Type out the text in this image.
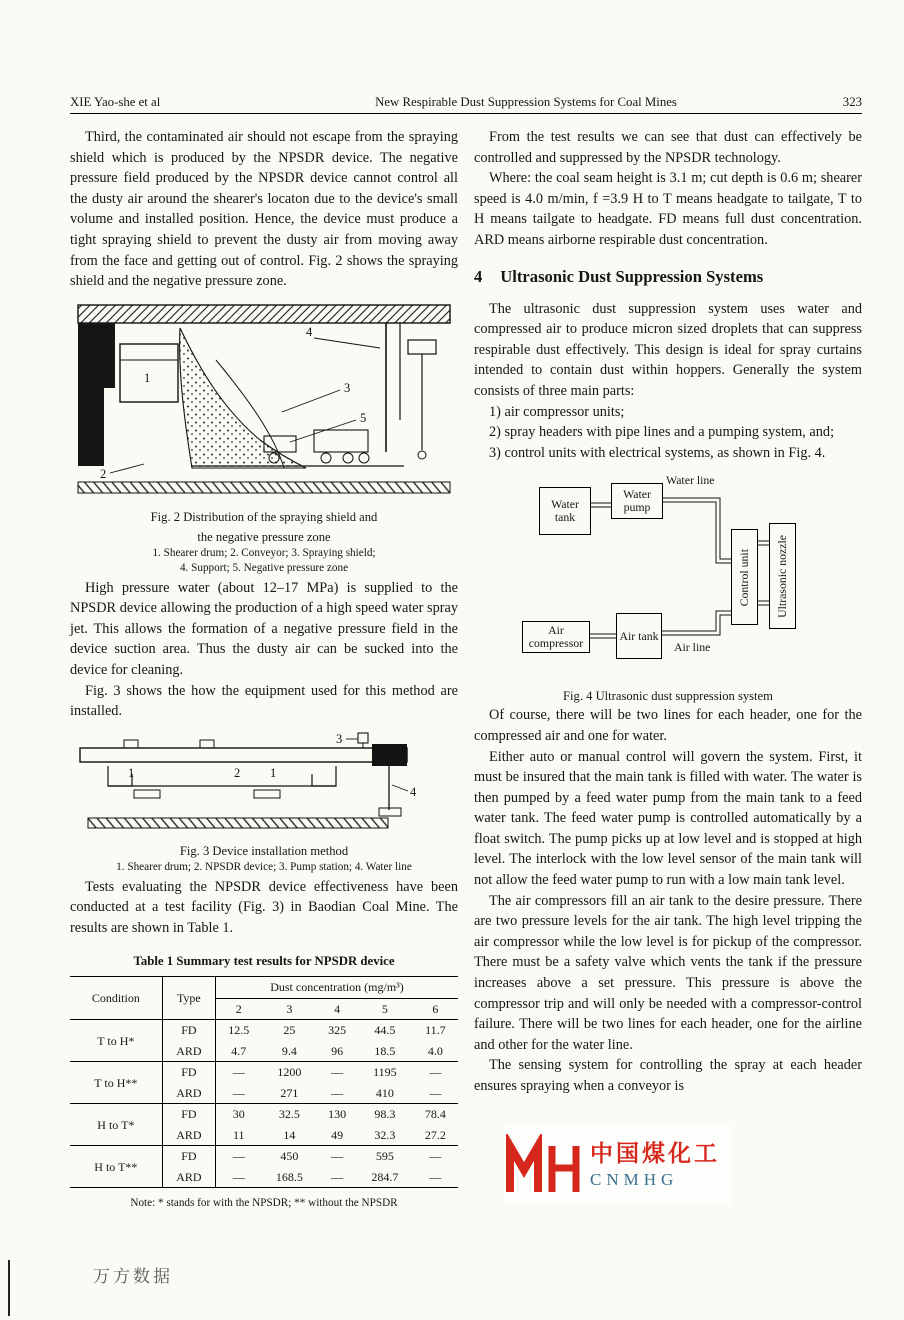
XIE Yao-she et al	New Respirable Dust Suppression Systems for Coal Mines	323

Third, the contaminated air should not escape from the spraying shield which is produced by the NPSDR device. The negative pressure field produced by the NPSDR device cannot control all the dusty air around the shearer's locaton due to the device's small volume and installed position. Hence, the device must produce a tight spraying shield to prevent the dusty air from moving away from the face and getting out of control. Fig. 2 shows the spraying shield and the negative pressure zone.

4
1
3
5
2
Fig. 2 Distribution of the spraying shield and
the negative pressure zone
1. Shearer drum; 2. Conveyor; 3. Spraying shield;
4. Support; 5. Negative pressure zone

High pressure water (about 12–17 MPa) is supplied to the NPSDR device allowing the production of a high speed water spray jet. This allows the formation of a negative pressure field in the device suction area. Thus the dusty air can be sucked into the device for cleaning.

Fig. 3 shows the how the equipment used for this method are installed.

3
1	2 1
4
Fig. 3 Device installation method
1. Shearer drum; 2. NPSDR device; 3. Pump station; 4. Water line

Tests evaluating the NPSDR device effectiveness have been conducted at a test facility (Fig. 3) in Baodian Coal Mine. The results are shown in Table 1.

Table 1 Summary test results for NPSDR device
Condition	Type	Dust concentration (mg/m³)				
		2	3	4	5	6
T to H*	FD	12.5	25	325	44.5	11.7
	ARD	4.7	9.4	96	18.5	4.0
T to H**	FD	—	1200	—	1195	—
	ARD	—	271	—	410	—
H to T*	FD	30	32.5	130	98.3	78.4
	ARD	11	14	49	32.3	27.2
H to T**	FD	—	450	—	595	—
	ARD	—	168.5	—	284.7	—
Note: * stands for with the NPSDR; ** without the NPSDR

From the test results we can see that dust can effectively be controlled and suppressed by the NPSDR technology.

Where: the coal seam height is 3.1 m; cut depth is 0.6 m; shearer speed is 4.0 m/min, f =3.9 H to T means headgate to tailgate, T to H means tailgate to headgate. FD means full dust concentration. ARD means airborne respirable dust concentration.

4 Ultrasonic Dust Suppression Systems

The ultrasonic dust suppression system uses water and compressed air to produce micron sized droplets that can suppress respirable dust effectively. This design is ideal for spray curtains intended to contain dust within hoppers. Generally the system consists of three main parts:

1) air compressor units;

2) spray headers with pipe lines and a pumping system, and;

3) control units with electrical systems, as shown in Fig. 4.

Water tank
Water pump
Water line
Control unit Ultrasonic nozzle
Air compressor
Air tank
Air line
Fig. 4 Ultrasonic dust suppression system

Of course, there will be two lines for each header, one for the compressed air and one for water.

Either auto or manual control will govern the system. First, it must be insured that the main tank is filled with water. The water is then pumped by a feed water pump from the main tank to a feed water tank. The feed water pump is controlled automatically by a float switch. The pump picks up at low level and is stopped at high level. The interlock with the low level sensor of the main tank will not allow the feed water pump to run with a low main tank level.

The air compressors fill an air tank to the desire pressure. There are two pressure levels for the air tank. The high level tripping the air compressor while the low level is for pickup of the compressor. There must be a safety valve which vents the tank if the pressure increases above a set pressure. This pressure is above the compressor trip and will only be needed with a compressor-control failure. There will be two lines for each header, one for the airline and other for the water line.

The sensing system for controlling the spray at each header ensures spraying when a conveyor is

中国煤化工
CNMHG
万方数据
